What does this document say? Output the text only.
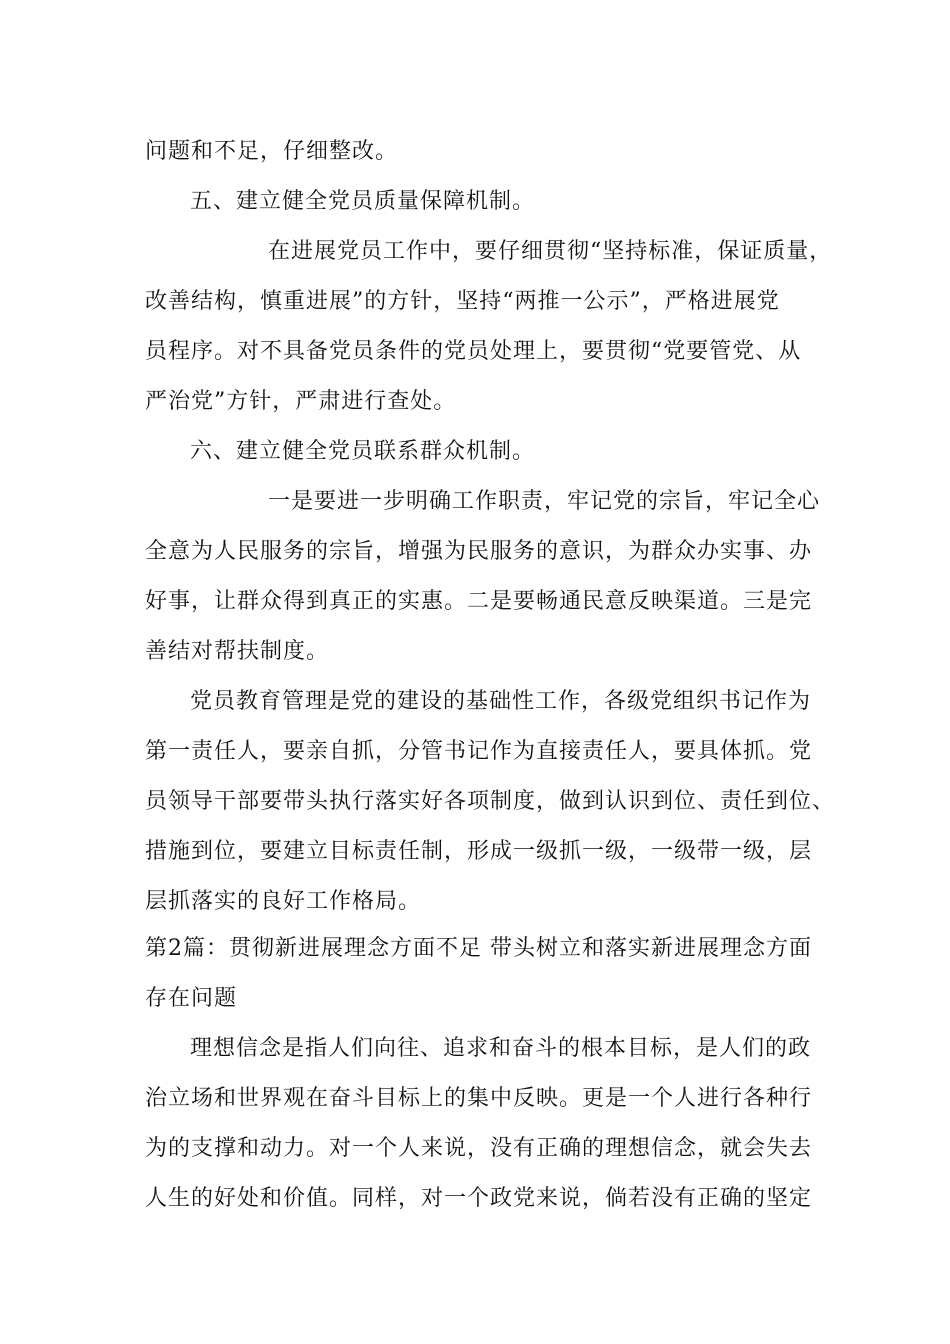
问题和不足，仔细整改。
五、建立健全党员质量保障机制。
在进展党员工作中，要仔细贯彻“坚持标准，保证质量，
改善结构，慎重进展”的方针，坚持“两推一公示”，严格进展党
员程序。对不具备党员条件的党员处理上，要贯彻“党要管党、从
严治党”方针，严肃进行查处。
六、建立健全党员联系群众机制。
一是要进一步明确工作职责，牢记党的宗旨，牢记全心
全意为人民服务的宗旨，增强为民服务的意识，为群众办实事、办
好事，让群众得到真正的实惠。二是要畅通民意反映渠道。三是完
善结对帮扶制度。
党员教育管理是党的建设的基础性工作，各级党组织书记作为
第一责任人，要亲自抓，分管书记作为直接责任人，要具体抓。党
员领导干部要带头执行落实好各项制度，做到认识到位、责任到位、
措施到位，要建立目标责任制，形成一级抓一级，一级带一级，层
层抓落实的良好工作格局。
第2篇：贯彻新进展理念方面不足 带头树立和落实新进展理念方面
存在问题
理想信念是指人们向往、追求和奋斗的根本目标，是人们的政
治立场和世界观在奋斗目标上的集中反映。更是一个人进行各种行
为的支撑和动力。对一个人来说，没有正确的理想信念，就会失去
人生的好处和价值。同样，对一个政党来说，倘若没有正确的坚定
